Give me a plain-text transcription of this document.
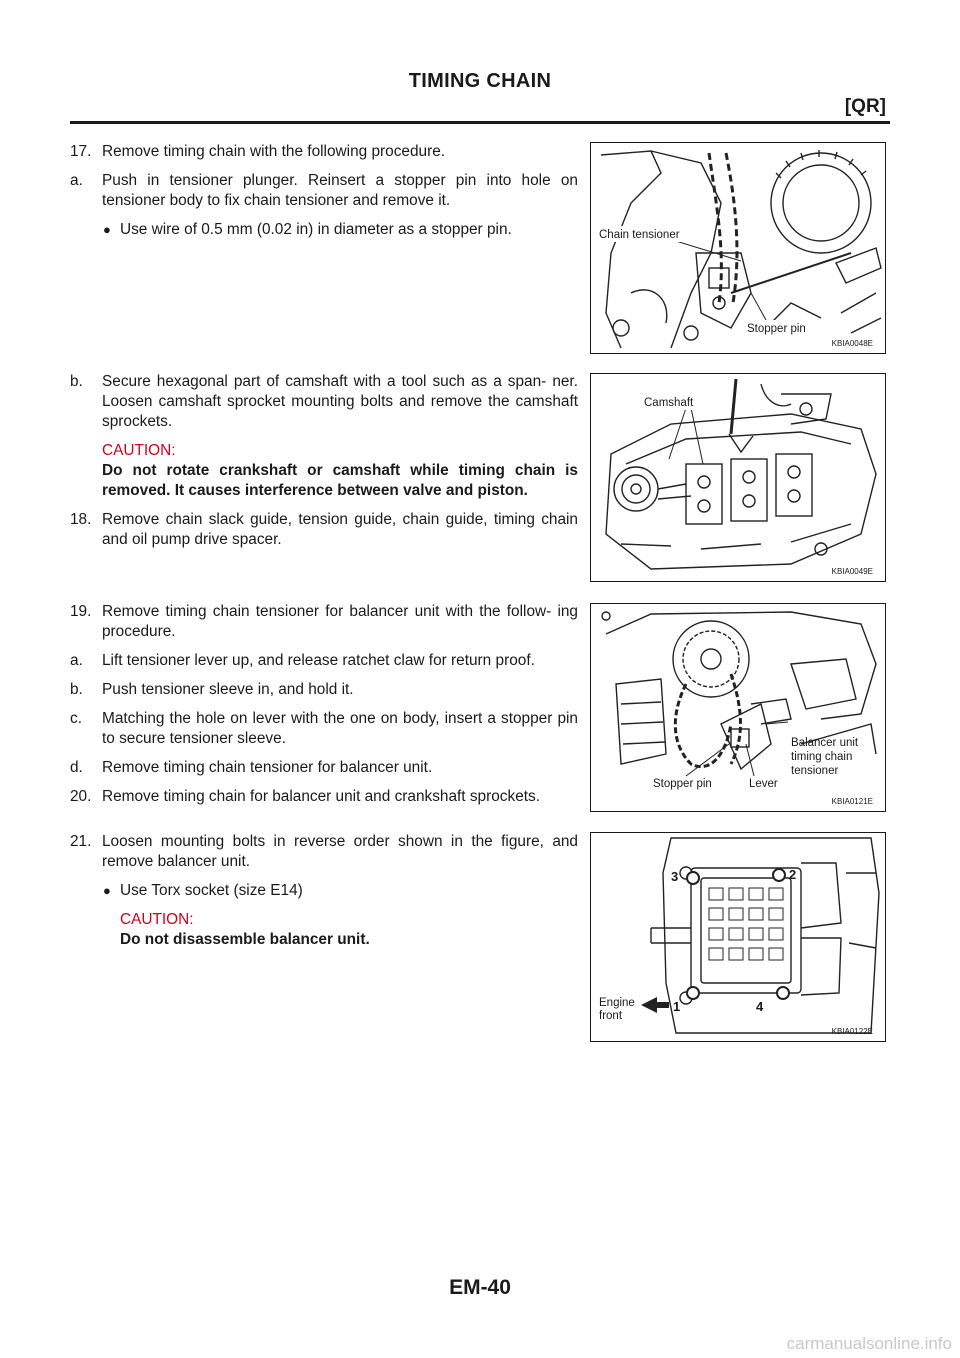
TIMING CHAIN
[QR]
17. Remove timing chain with the following procedure.
a. Push in tensioner plunger. Reinsert a stopper pin into hole on tensioner body to fix chain tensioner and remove it.
● Use wire of 0.5 mm (0.02 in) in diameter as a stopper pin.	Chain tensioner
Stopper pin
KBIA0048E
b. Secure hexagonal part of camshaft with a tool such as a span- ner. Loosen camshaft sprocket mounting bolts and remove the camshaft sprockets.
CAUTION:
Do not rotate crankshaft or camshaft while timing chain is removed. It causes interference between valve and piston.
18. Remove chain slack guide, tension guide, chain guide, timing chain and oil pump drive spacer.
Camshaft
KBIA0049E
19. Remove timing chain tensioner for balancer unit with the follow- ing procedure.
a. Lift tensioner lever up, and release ratchet claw for return proof.
b. Push tensioner sleeve in, and hold it.
c. Matching the hole on lever with the one on body, insert a stopper pin to secure tensioner sleeve.
d. Remove timing chain tensioner for balancer unit.
20. Remove timing chain for balancer unit and crankshaft sprockets.
Balancer unit
timing chain
tensioner
Stopper pin	Lever
KBIA0121E
21. Loosen mounting bolts in reverse order shown in the figure, and remove balancer unit.
● Use Torx socket (size E14)
CAUTION:
Do not disassemble balancer unit.
3	2
1	4
Engine
front
KBIA0122E
EM-40
carmanualsonline.info
